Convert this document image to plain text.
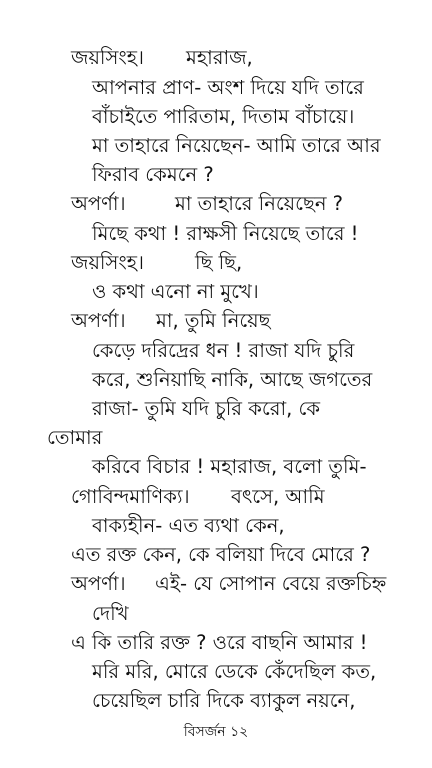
জয়সিংহ। মহারাজ,
আপনার প্রাণ- অংশ দিয়ে যদি তারে
বাঁচাইতে পারিতাম, দিতাম বাঁচায়ে।
মা তাহারে নিয়েছেন- আমি তারে আর
ফিরাব কেমনে ?
অপর্ণা।	মা তাহারে নিয়েছেন ?
মিছে কথা ! রাক্ষসী নিয়েছে তারে !
জয়সিংহ।	ছি ছি,
ও কথা এনো না মুখে।
অপর্ণা। মা, তুমি নিয়েছ
কেড়ে দরিদ্রের ধন ! রাজা যদি চুরি
করে, শুনিয়াছি নাকি, আছে জগতের
রাজা- তুমি যদি চুরি করো, কে
তোমার
করিবে বিচার ! মহারাজ, বলো তুমি-
গোবিন্দমাণিক্য। বৎসে, আমি
বাক্যহীন- এত ব্যথা কেন,
এত রক্ত কেন, কে বলিয়া দিবে মোরে ?
অপর্ণা। এই- যে সোপান বেয়ে রক্তচিহ্ন
দেখি
এ কি তারি রক্ত ? ওরে বাছনি আমার !
মরি মরি, মোরে ডেকে কেঁদেছিল কত,
চেয়েছিল চারি দিকে ব্যাকুল নয়নে,
বিসর্জন ১২
